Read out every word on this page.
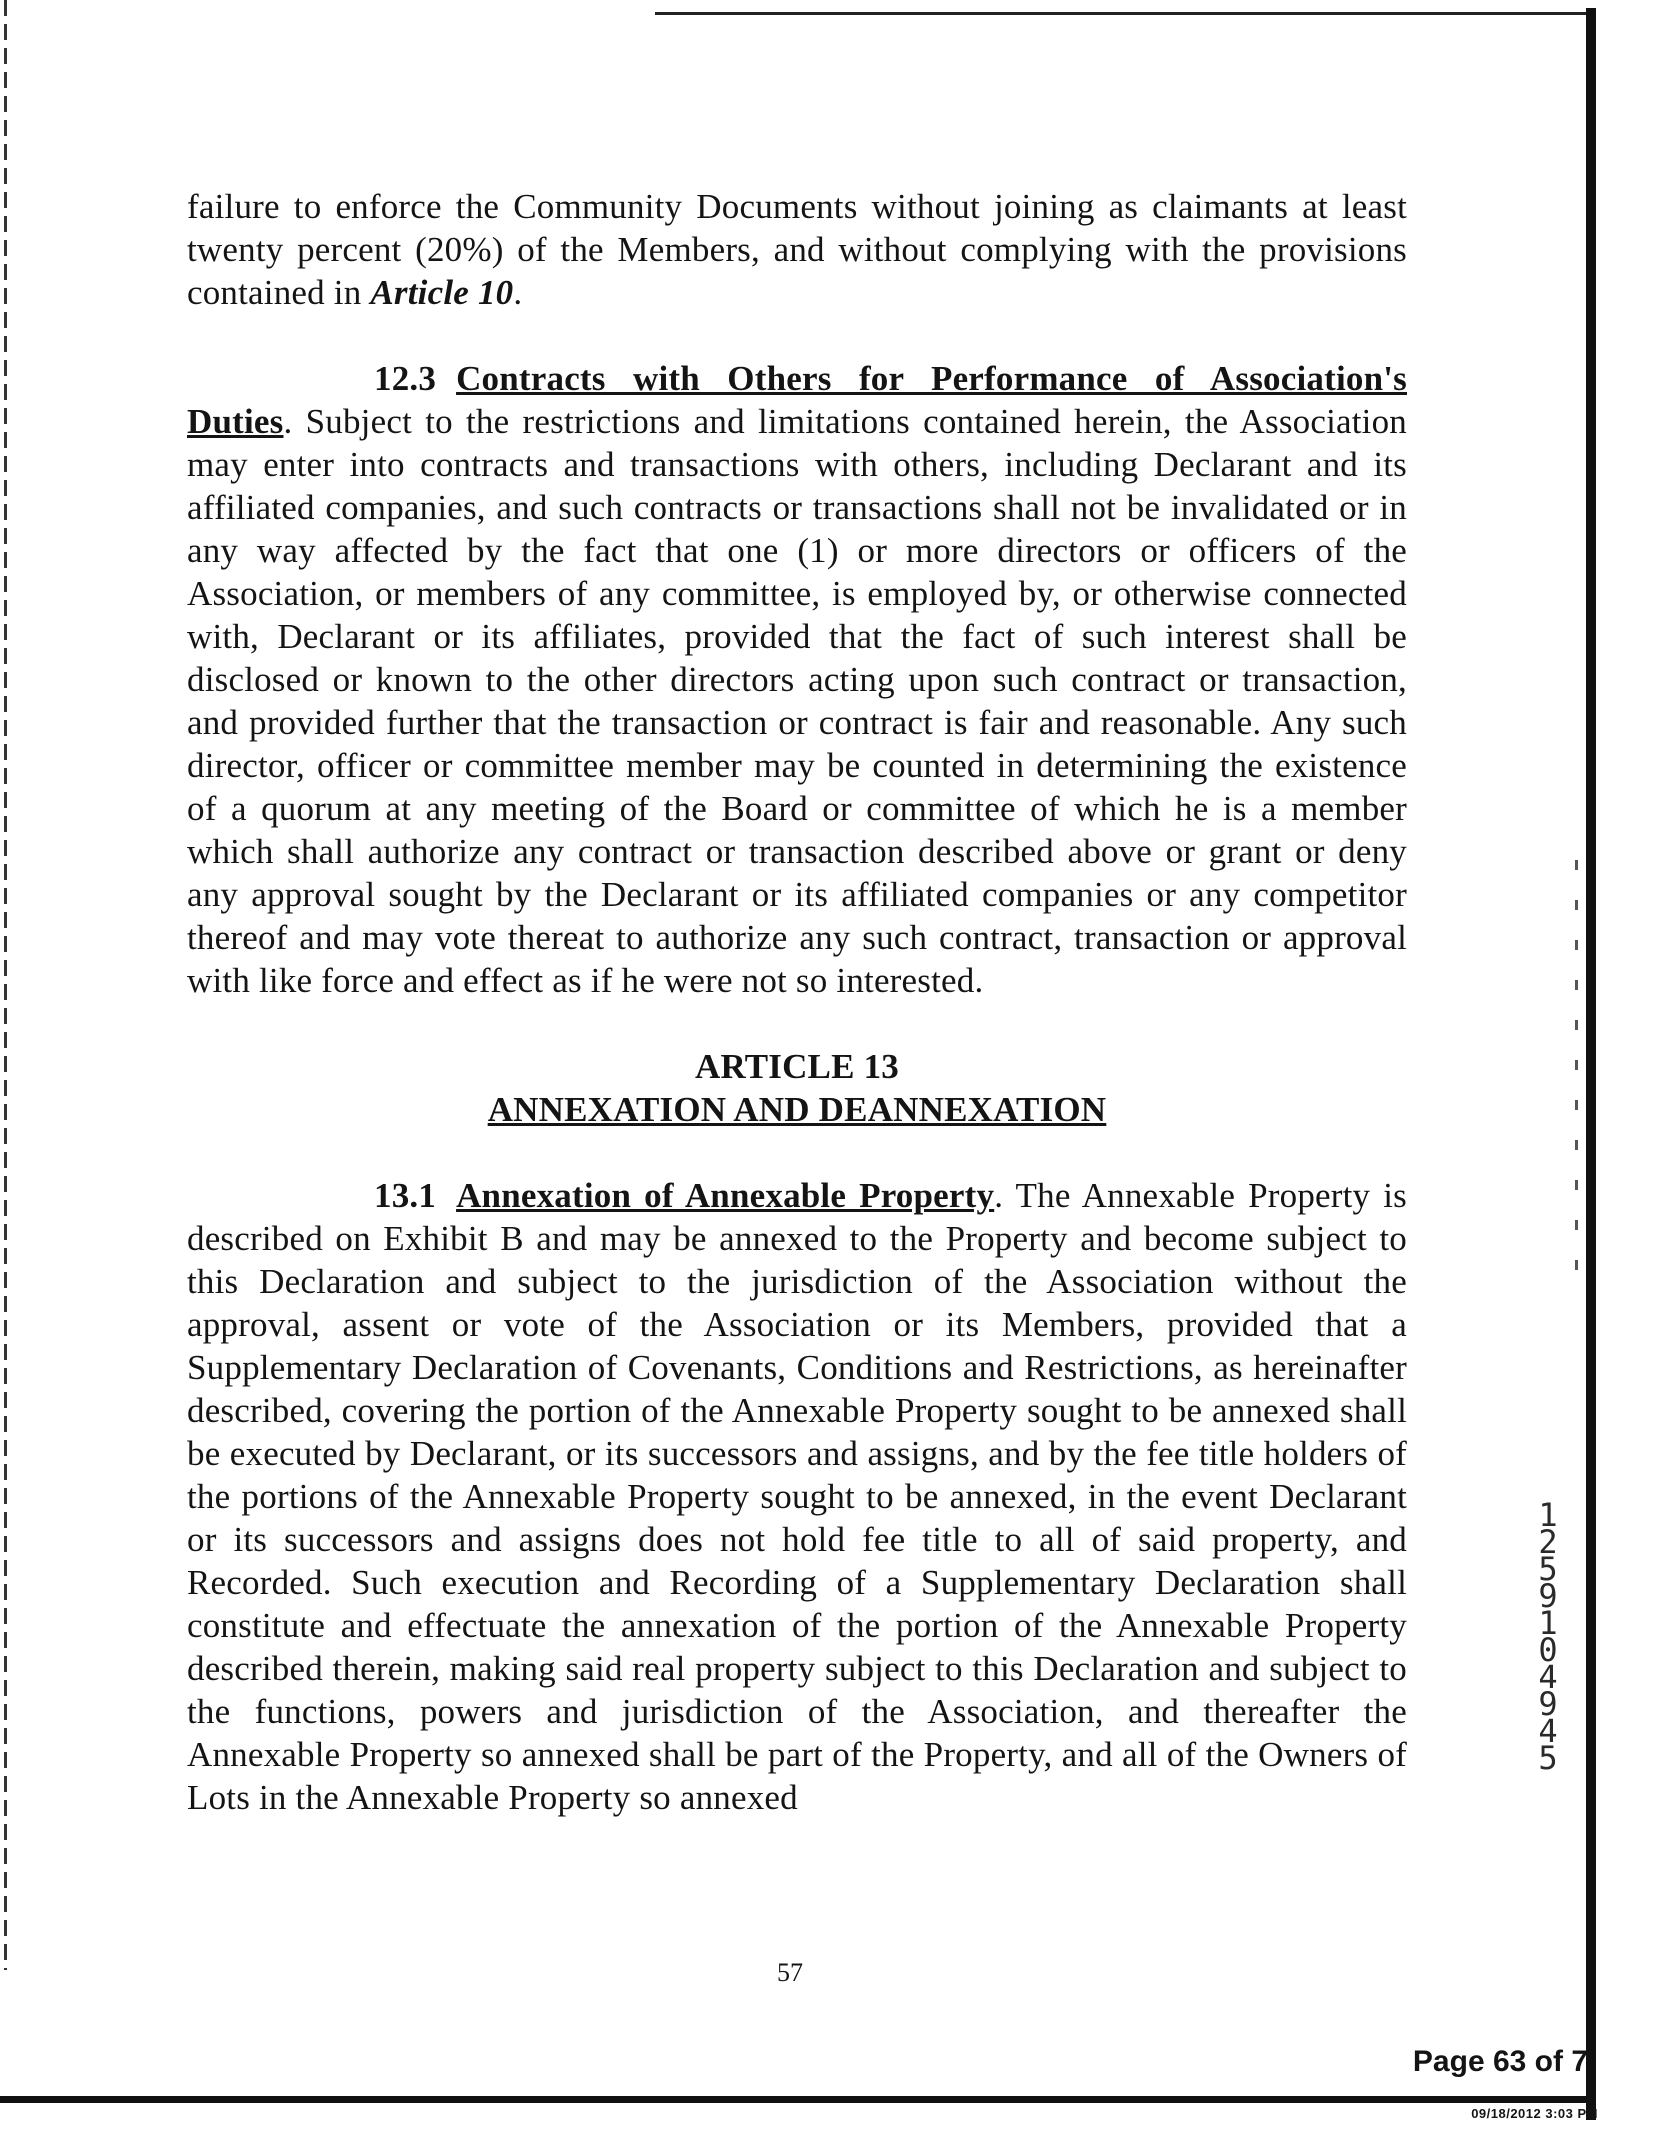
failure to enforce the Community Documents without joining as claimants at least twenty percent (20%) of the Members, and without complying with the provisions contained in Article 10.

12.3 Contracts with Others for Performance of Association's Duties. Subject to the restrictions and limitations contained herein, the Association may enter into contracts and transactions with others, including Declarant and its affiliated companies, and such contracts or transactions shall not be invalidated or in any way affected by the fact that one (1) or more directors or officers of the Association, or members of any committee, is employed by, or otherwise connected with, Declarant or its affiliates, provided that the fact of such interest shall be disclosed or known to the other directors acting upon such contract or transaction, and provided further that the transaction or contract is fair and reasonable. Any such director, officer or committee member may be counted in determining the existence of a quorum at any meeting of the Board or committee of which he is a member which shall authorize any contract or transaction described above or grant or deny any approval sought by the Declarant or its affiliated companies or any competitor thereof and may vote thereat to authorize any such contract, transaction or approval with like force and effect as if he were not so interested.

ARTICLE 13
ANNEXATION AND DEANNEXATION

13.1 Annexation of Annexable Property. The Annexable Property is described on Exhibit B and may be annexed to the Property and become subject to this Declaration and subject to the jurisdiction of the Association without the approval, assent or vote of the Association or its Members, provided that a Supplementary Declaration of Covenants, Conditions and Restrictions, as hereinafter described, covering the portion of the Annexable Property sought to be annexed shall be executed by Declarant, or its successors and assigns, and by the fee title holders of the portions of the Annexable Property sought to be annexed, in the event Declarant or its successors and assigns does not hold fee title to all of said property, and Recorded. Such execution and Recording of a Supplementary Declaration shall constitute and effectuate the annexation of the portion of the Annexable Property described therein, making said real property subject to this Declaration and subject to the functions, powers and jurisdiction of the Association, and thereafter the Annexable Property so annexed shall be part of the Property, and all of the Owners of Lots in the Annexable Property so annexed

57
1259 1 0 4945
Page 63 of 7
09/18/2012 3:03 PM
